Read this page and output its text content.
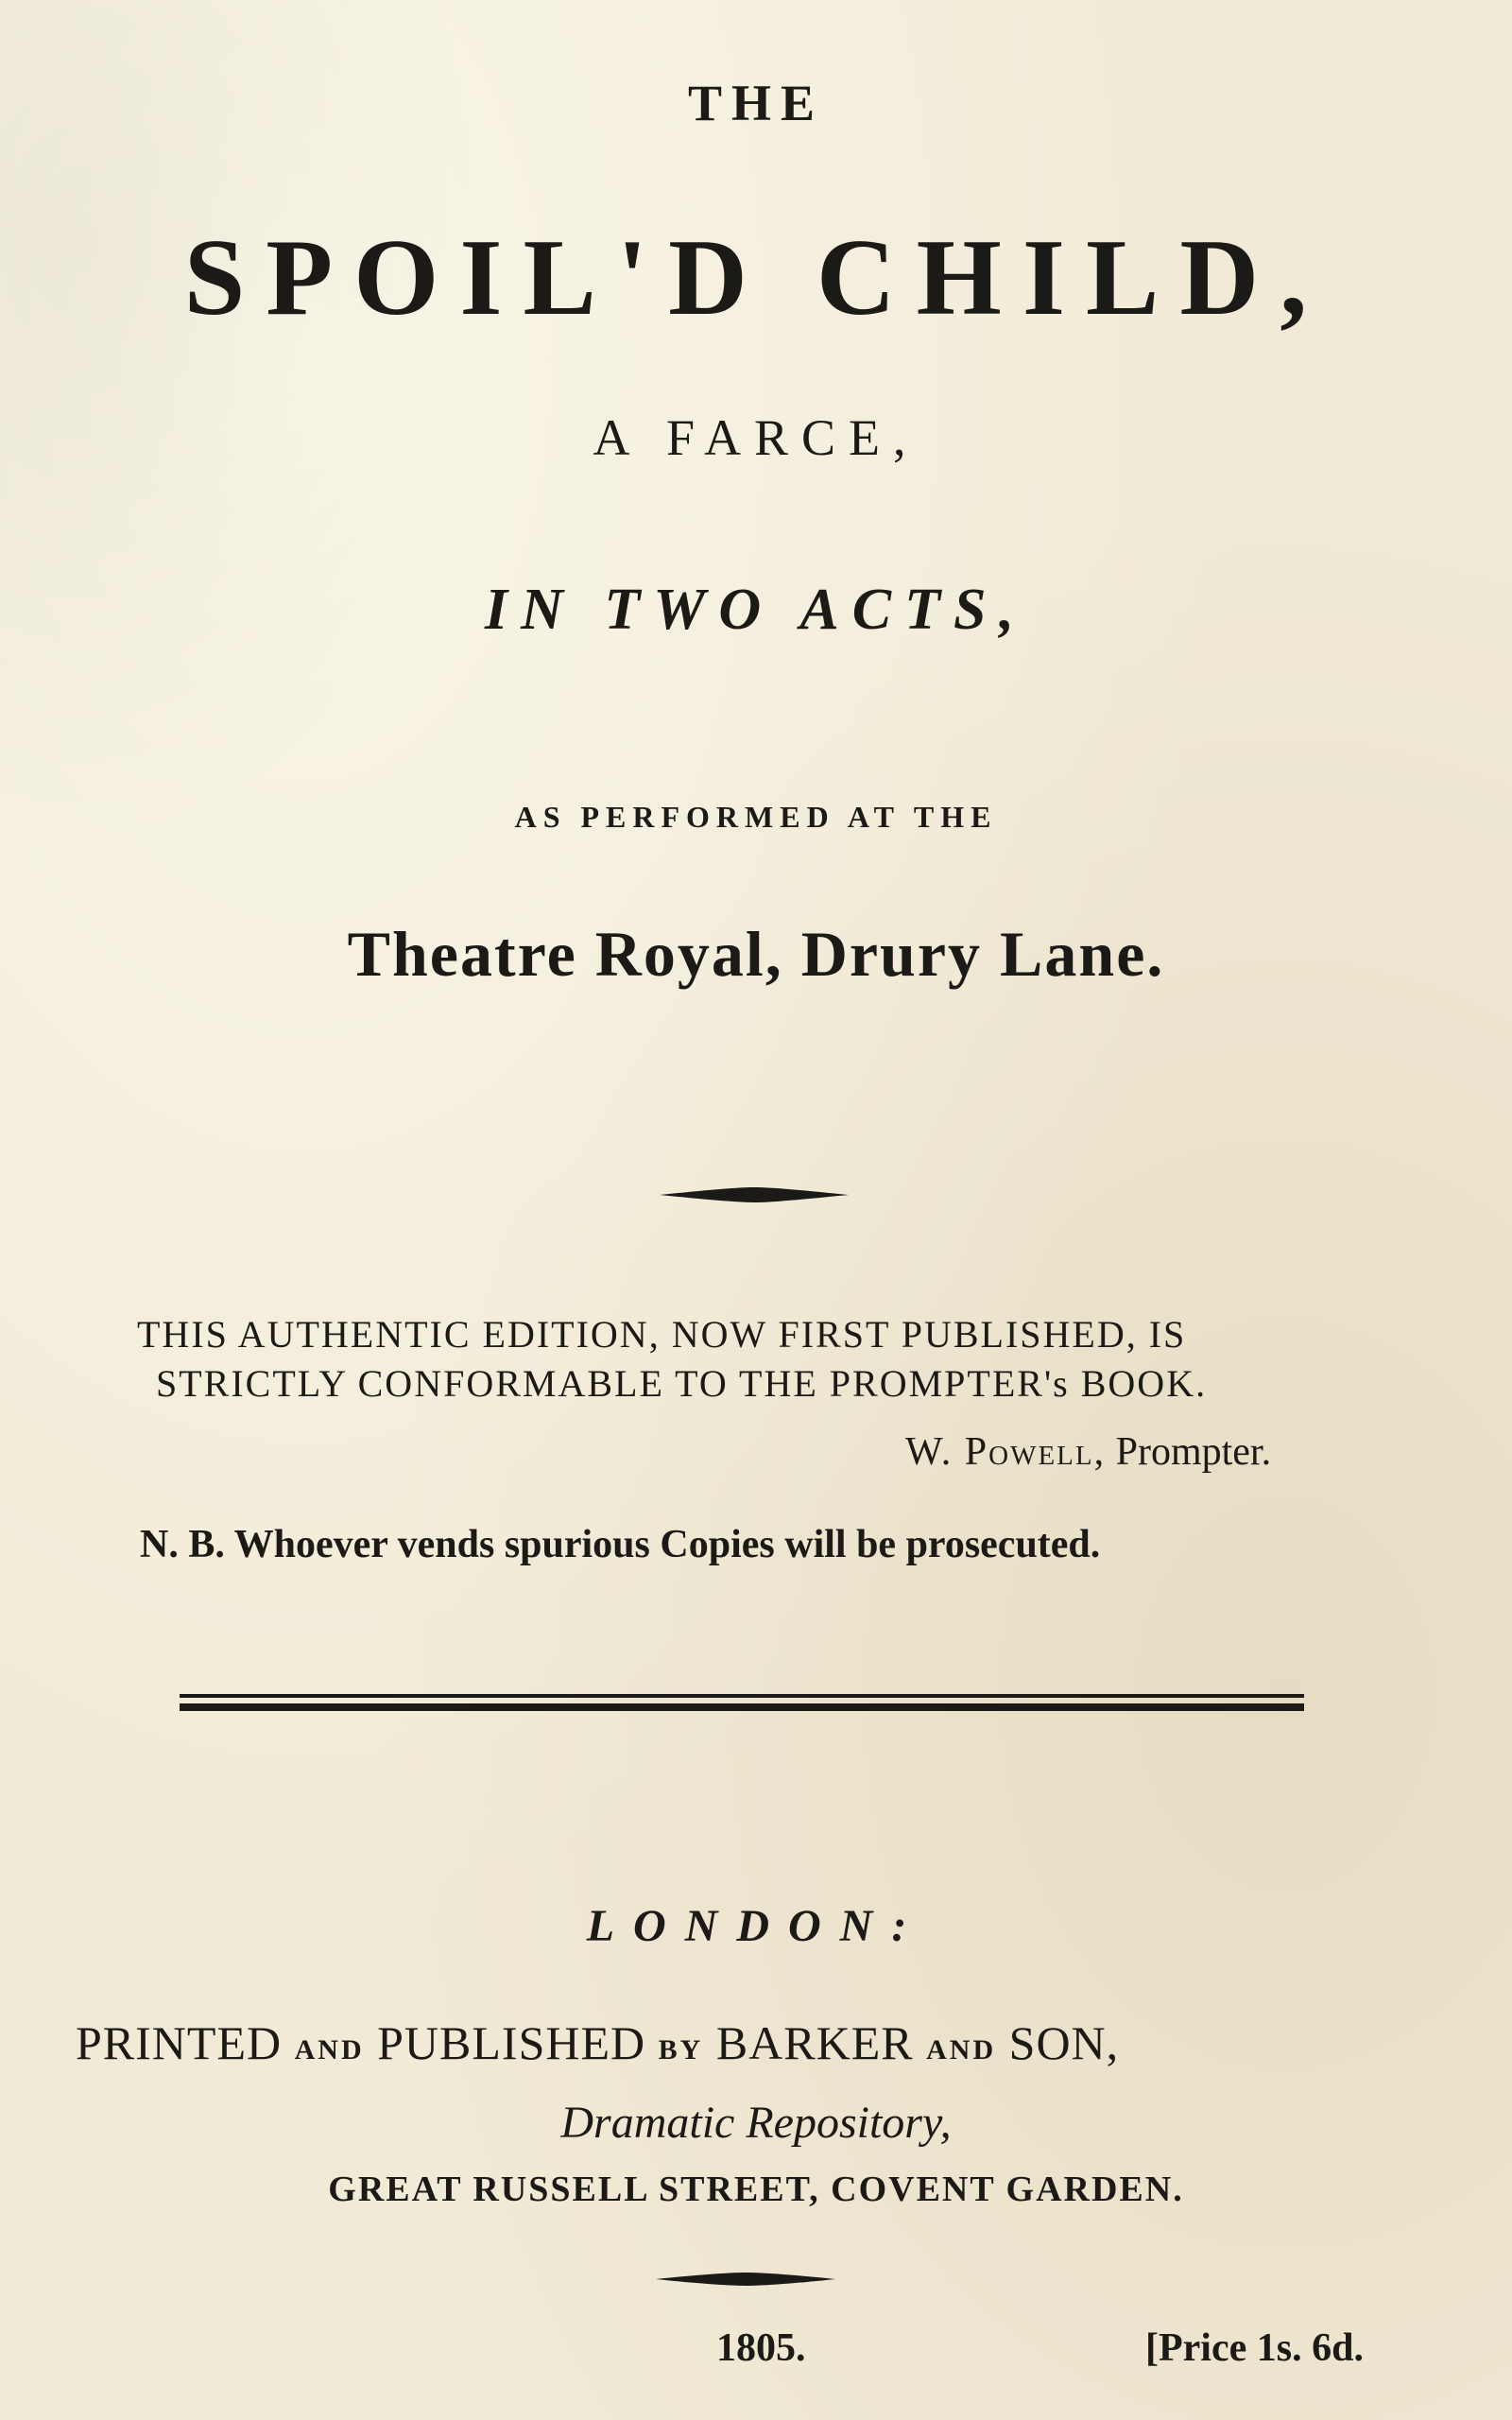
THE
SPOIL'D CHILD,
A FARCE,
IN TWO ACTS,
AS PERFORMED AT THE
Theatre Royal, Drury Lane.
THIS AUTHENTIC EDITION, NOW FIRST PUBLISHED, IS
STRICTLY CONFORMABLE TO THE PROMPTER's BOOK.
W. Powell, Prompter.
N. B. Whoever vends spurious Copies will be prosecuted.
LONDON:
PRINTED AND PUBLISHED BY BARKER AND SON,
Dramatic Repository,
GREAT RUSSELL STREET, COVENT GARDEN.
1805.	[Price 1s. 6d.
